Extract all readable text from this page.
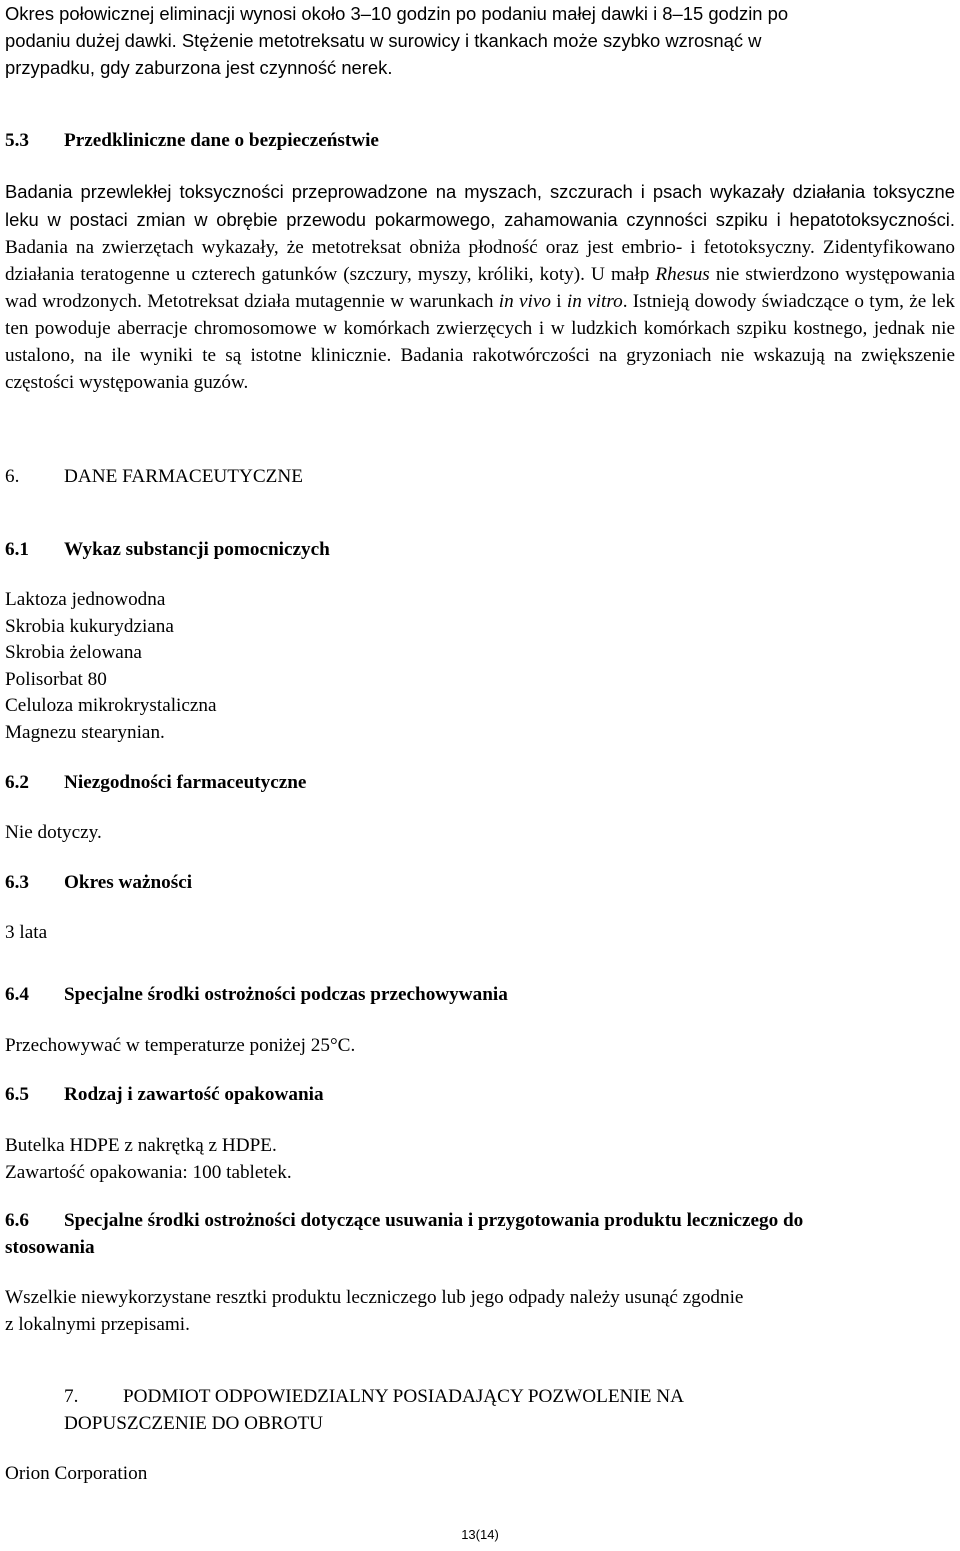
Okres połowicznej eliminacji wynosi około 3–10 godzin po podaniu małej dawki i 8–15 godzin po
podaniu dużej dawki. Stężenie metotreksatu w surowicy i tkankach może szybko wzrosnąć w
przypadku, gdy zaburzona jest czynność nerek.
5.3 Przedkliniczne dane o bezpieczeństwie

Badania przewlekłej toksyczności przeprowadzone na myszach, szczurach i psach wykazały działania toksyczne leku w postaci zmian w obrębie przewodu pokarmowego, zahamowania czynności szpiku i hepatotoksyczności. Badania na zwierzętach wykazały, że metotreksat obniża płodność oraz jest embrio- i fetotoksyczny. Zidentyfikowano działania teratogenne u czterech gatunków (szczury, myszy, króliki, koty). U małp Rhesus nie stwierdzono występowania wad wrodzonych. Metotreksat działa mutagennie w warunkach in vivo i in vitro. Istnieją dowody świadczące o tym, że lek ten powoduje aberracje chromosomowe w komórkach zwierzęcych i w ludzkich komórkach szpiku kostnego, jednak nie ustalono, na ile wyniki te są istotne klinicznie. Badania rakotwórczości na gryzoniach nie wskazują na zwiększenie częstości występowania guzów.

6. DANE FARMACEUTYCZNE
6.1 Wykaz substancji pomocniczych
Laktoza jednowodna
Skrobia kukurydziana
Skrobia żelowana
Polisorbat 80
Celuloza mikrokrystaliczna
Magnezu stearynian.
6.2 Niezgodności farmaceutyczne

Nie dotyczy.

6.3 Okres ważności

3 lata

6.4 Specjalne środki ostrożności podczas przechowywania

Przechowywać w temperaturze poniżej 25°C.

6.5 Rodzaj i zawartość opakowania
Butelka HDPE z nakrętką z HDPE.
Zawartość opakowania: 100 tabletek.
6.6 Specjalne środki ostrożności dotyczące usuwania i przygotowania produktu leczniczego do
stosowania
Wszelkie niewykorzystane resztki produktu leczniczego lub jego odpady należy usunąć zgodnie
z lokalnymi przepisami.
7. PODMIOT ODPOWIEDZIALNY POSIADAJĄCY POZWOLENIE NA
DOPUSZCZENIE DO OBROTU

Orion Corporation

13(14)
